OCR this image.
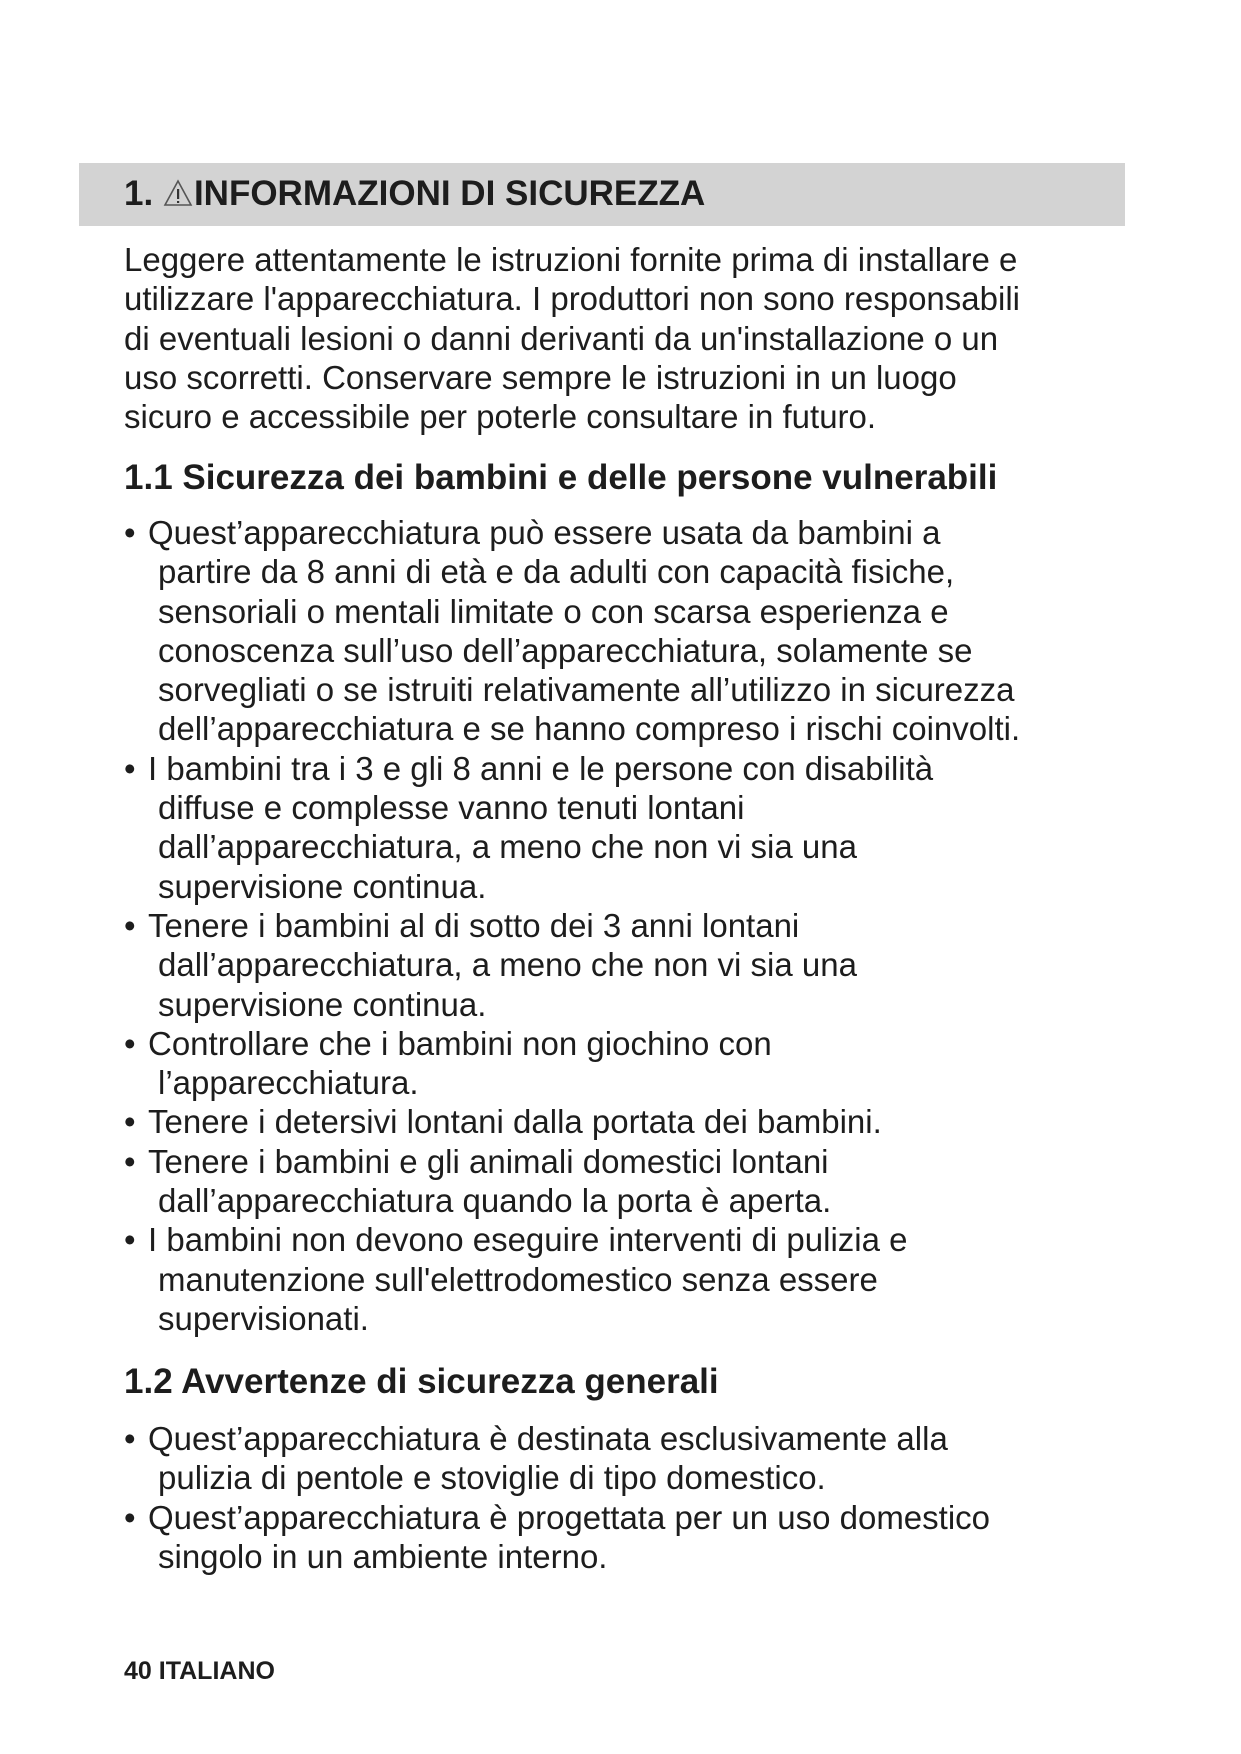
1. INFORMAZIONI DI SICUREZZA
Leggere attentamente le istruzioni fornite prima di installare e
utilizzare l'apparecchiatura. I produttori non sono responsabili
di eventuali lesioni o danni derivanti da un'installazione o un
uso scorretti. Conservare sempre le istruzioni in un luogo
sicuro e accessibile per poterle consultare in futuro.
1.1 Sicurezza dei bambini e delle persone vulnerabili
• Quest’apparecchiatura può essere usata da bambini a
partire da 8 anni di età e da adulti con capacità fisiche,
sensoriali o mentali limitate o con scarsa esperienza e
conoscenza sull’uso dell’apparecchiatura, solamente se
sorvegliati o se istruiti relativamente all’utilizzo in sicurezza
dell’apparecchiatura e se hanno compreso i rischi coinvolti.
• I bambini tra i 3 e gli 8 anni e le persone con disabilità
diffuse e complesse vanno tenuti lontani
dall’apparecchiatura, a meno che non vi sia una
supervisione continua.
• Tenere i bambini al di sotto dei 3 anni lontani
dall’apparecchiatura, a meno che non vi sia una
supervisione continua.
• Controllare che i bambini non giochino con
l’apparecchiatura.
• Tenere i detersivi lontani dalla portata dei bambini.
• Tenere i bambini e gli animali domestici lontani
dall’apparecchiatura quando la porta è aperta.
• I bambini non devono eseguire interventi di pulizia e
manutenzione sull'elettrodomestico senza essere
supervisionati.
1.2 Avvertenze di sicurezza generali
• Quest’apparecchiatura è destinata esclusivamente alla
pulizia di pentole e stoviglie di tipo domestico.
• Quest’apparecchiatura è progettata per un uso domestico
singolo in un ambiente interno.
40 ITALIANO
